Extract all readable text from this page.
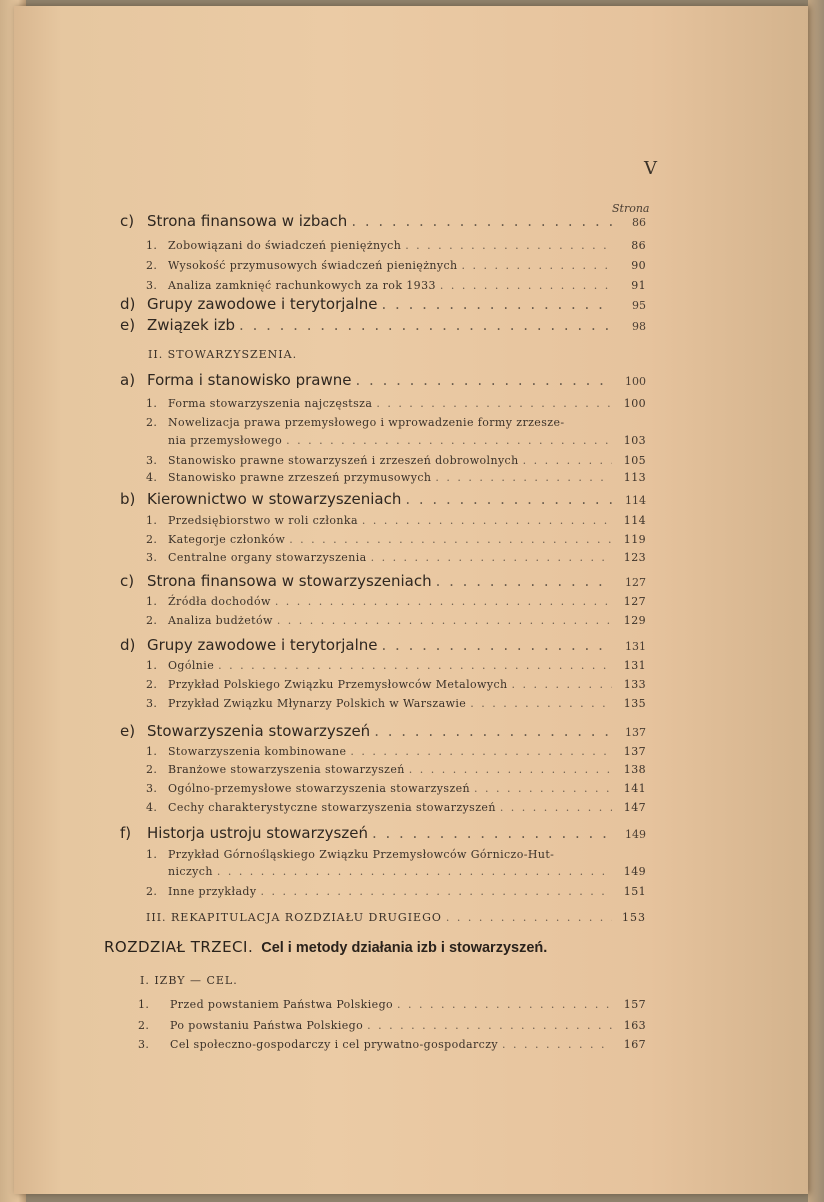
V
Strona
c) Strona finansowa w izbach . . .	86
1. Zobowiązani do świadczeń pieniężnych . . .	86
2. Wysokość przymusowych świadczeń pieniężnych . . .	90
3. Analiza zamknięć rachunkowych za rok 1933 . . .	91
d) Grupy zawodowe i terytorjalne . . .	95
e) Związek izb . . .	98
II. STOWARZYSZENIA.
a) Forma i stanowisko prawne . . .	100
1. Forma stowarzyszenia najczęstsza . . .	100
2. Nowelizacja prawa przemysłowego i wprowadzenie formy zrzesze-
nia przemysłowego . . .	103
3. Stanowisko prawne stowarzyszeń i zrzeszeń dobrowolnych . . .	105
4. Stanowisko prawne zrzeszeń przymusowych . . .	113
b) Kierownictwo w stowarzyszeniach . . .	114
1. Przedsiębiorstwo w roli członka . . .	114
2. Kategorje członków . . .	119
3. Centralne organy stowarzyszenia . . .	123
c) Strona finansowa w stowarzyszeniach . . .	127
1. Źródła dochodów . . .	127
2. Analiza budżetów . . .	129
d) Grupy zawodowe i terytorjalne . . .	131
1. Ogólnie . . .	131
2. Przykład Polskiego Związku Przemysłowców Metalowych . . .	133
3. Przykład Związku Młynarzy Polskich w Warszawie . . .	135
e) Stowarzyszenia stowarzyszeń . . .	137
1. Stowarzyszenia kombinowane . . .	137
2. Branżowe stowarzyszenia stowarzyszeń . . .	138
3. Ogólno-przemysłowe stowarzyszenia stowarzyszeń . . .	141
4. Cechy charakterystyczne stowarzyszenia stowarzyszeń . . .	147
f)	Historja ustroju stowarzyszeń . . .	149
1. Przykład Górnośląskiego Związku Przemysłowców Górniczo-Hut-
niczych . . .	149
2. Inne przykłady . . .	151
III. REKAPITULACJA ROZDZIAŁU DRUGIEGO . . .	153
ROZDZIAŁ TRZECI. Cel i metody działania izb i stowarzyszeń.
I. IZBY — CEL.
1.	Przed powstaniem Państwa Polskiego . . .	157
2.	Po powstaniu Państwa Polskiego . . .	163
3.	Cel społeczno-gospodarczy i cel prywatno-gospodarczy . . .	167
